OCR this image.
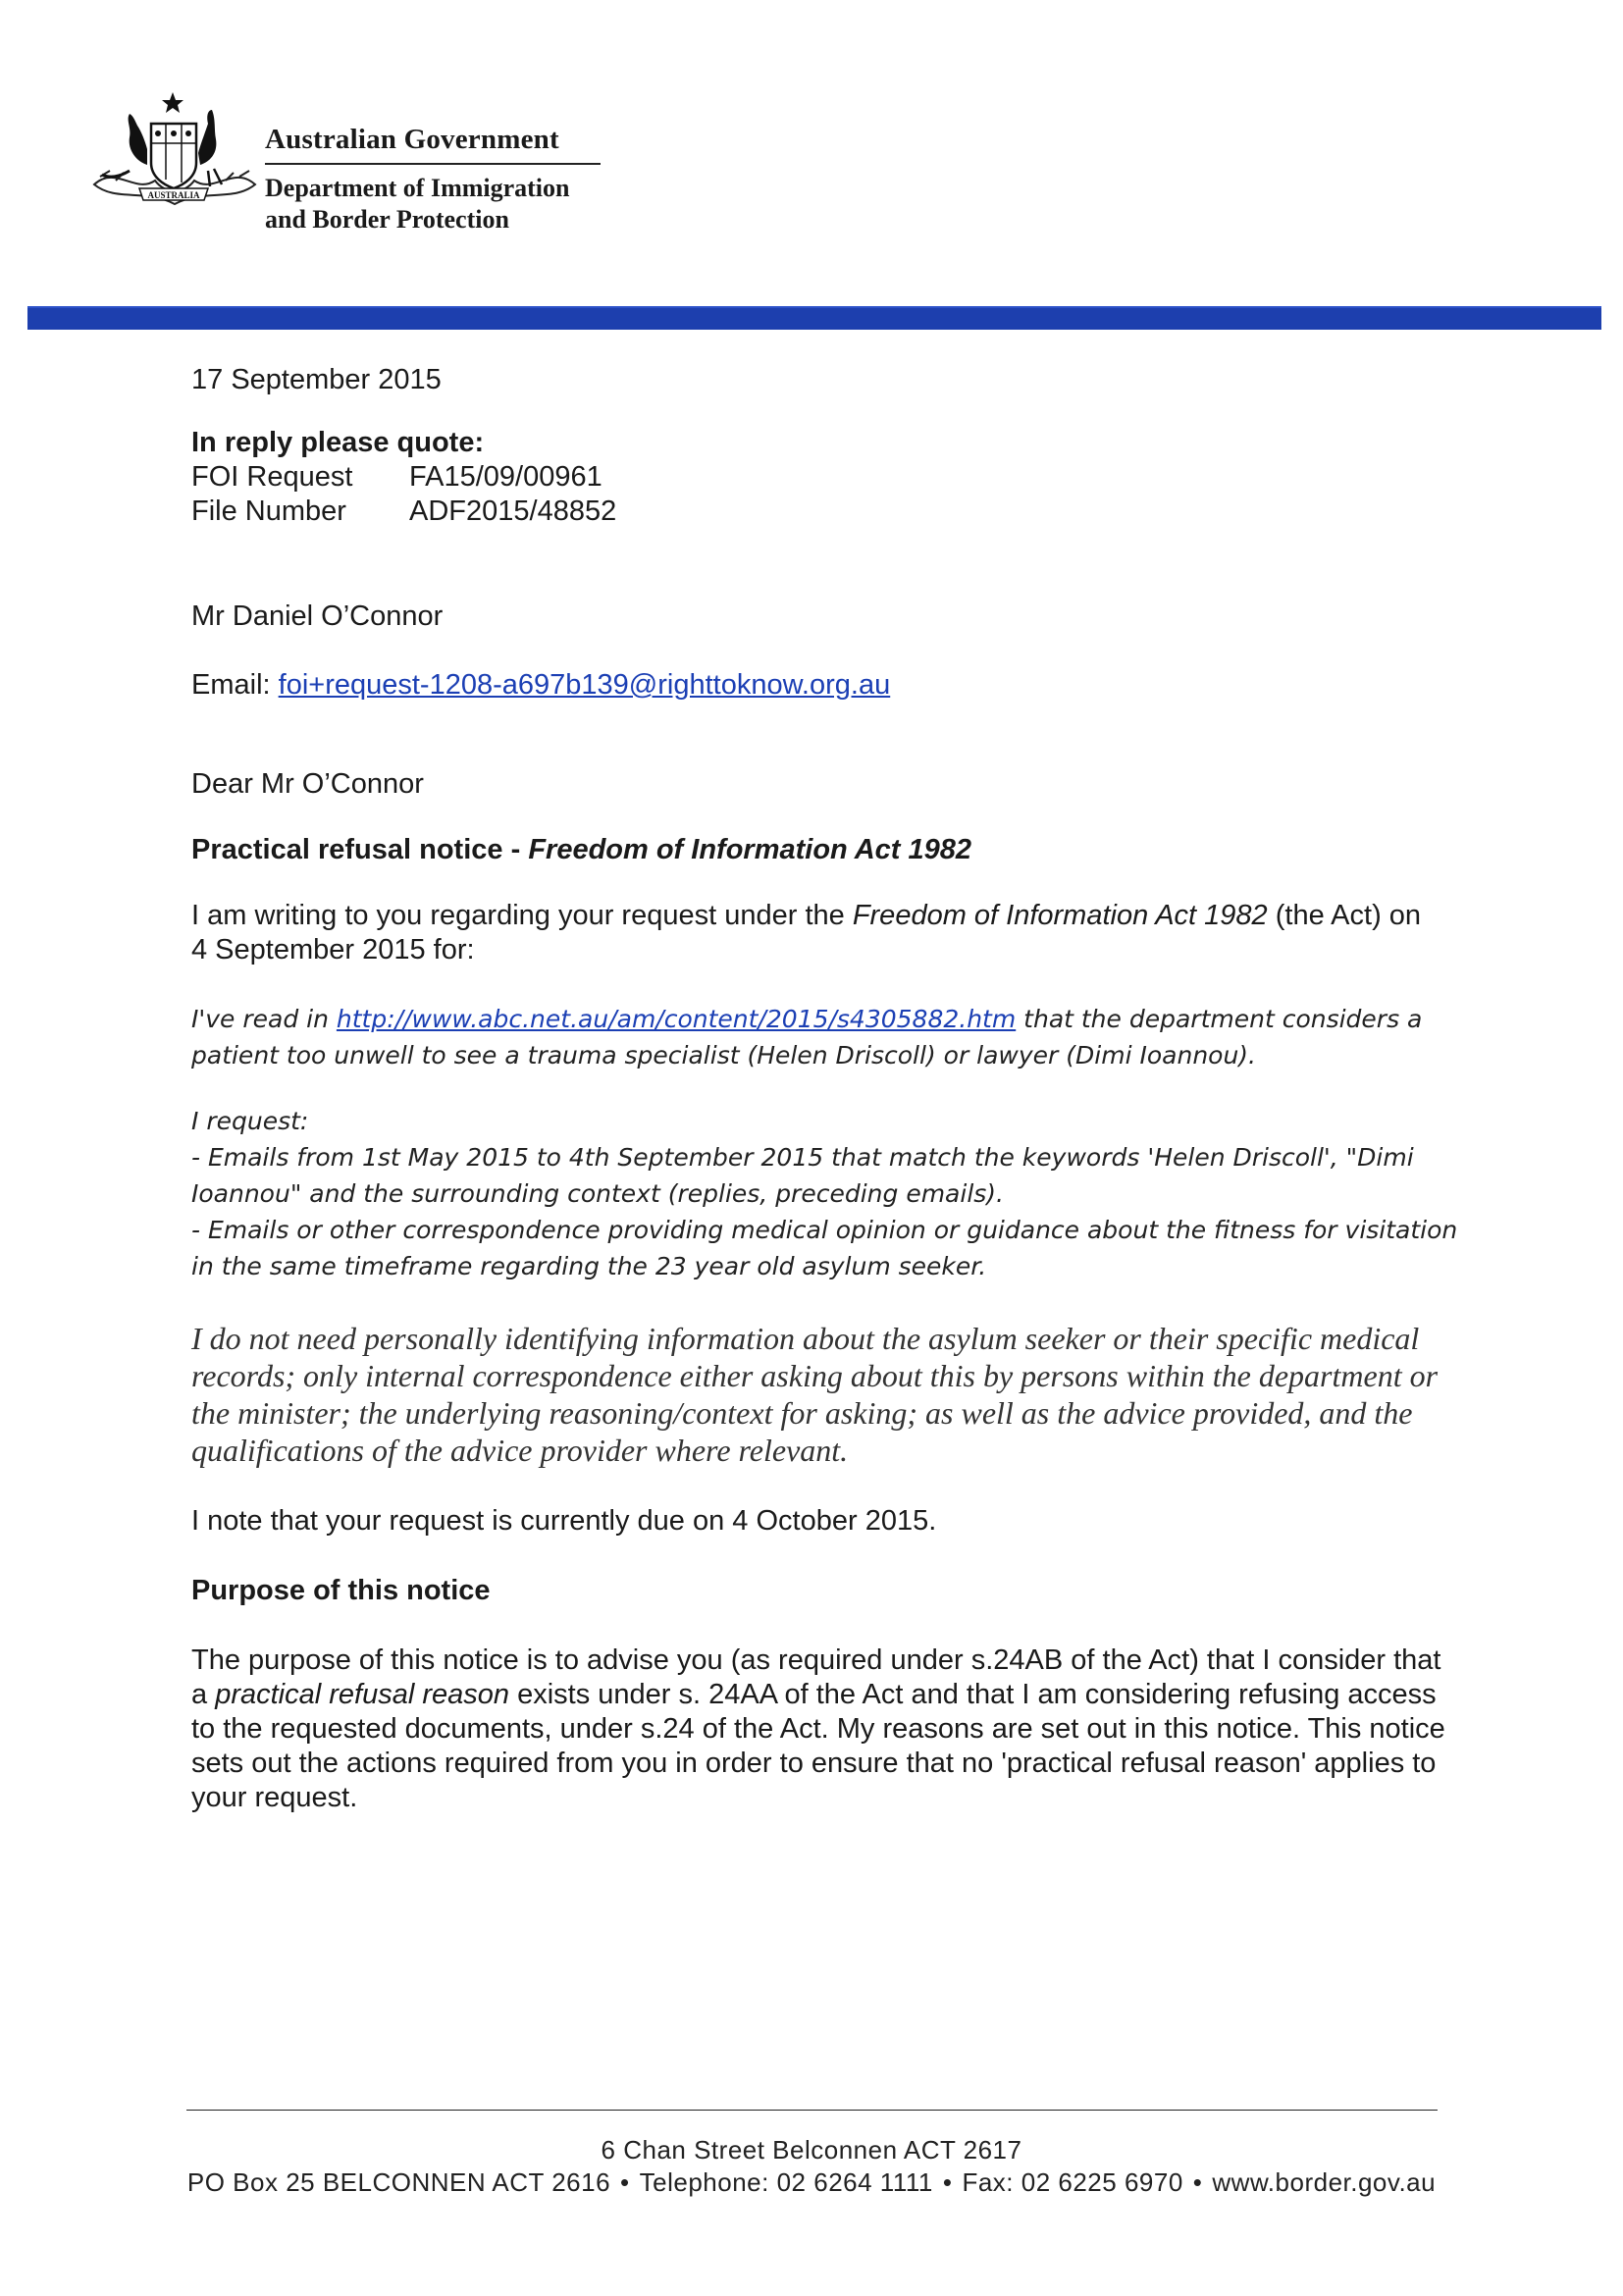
AUSTRALIA
Australian Government
Department of Immigration
and Border Protection

17 September 2015

In reply please quote:

FOI Request	FA15/09/00961
File Number	ADF2015/48852

Mr Daniel O’Connor

Email: foi+request-1208-a697b139@righttoknow.org.au

Dear Mr O’Connor

Practical refusal notice - Freedom of Information Act 1982

I am writing to you regarding your request under the Freedom of Information Act 1982 (the Act) on 4 September 2015 for:

I've read in http://www.abc.net.au/am/content/2015/s4305882.htm that the department considers a patient too unwell to see a trauma specialist (Helen Driscoll) or lawyer (Dimi Ioannou).

I request:

- Emails from 1st May 2015 to 4th September 2015 that match the keywords 'Helen Driscoll', "Dimi Ioannou" and the surrounding context (replies, preceding emails).

- Emails or other correspondence providing medical opinion or guidance about the fitness for visitation in the same timeframe regarding the 23 year old asylum seeker.

I do not need personally identifying information about the asylum seeker or their specific medical records; only internal correspondence either asking about this by persons within the department or the minister; the underlying reasoning/context for asking; as well as the advice provided, and the qualifications of the advice provider where relevant.

I note that your request is currently due on 4 October 2015.

Purpose of this notice

The purpose of this notice is to advise you (as required under s.24AB of the Act) that I consider that a practical refusal reason exists under s. 24AA of the Act and that I am considering refusing access to the requested documents, under s.24 of the Act. My reasons are set out in this notice. This notice sets out the actions required from you in order to ensure that no 'practical refusal reason' applies to your request.

6 Chan Street Belconnen ACT 2617
PO Box 25 BELCONNEN ACT 2616 • Telephone: 02 6264 1111 • Fax: 02 6225 6970 • www.border.gov.au
